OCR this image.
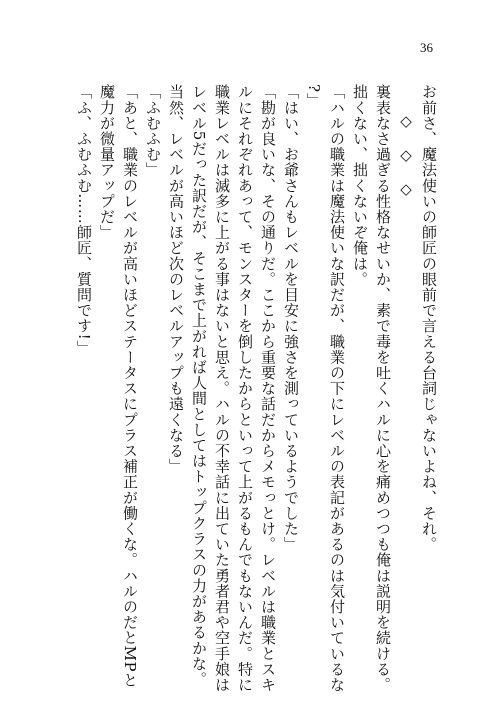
36
お前さ、魔法使いの師匠の眼前で言える台詞じゃないよね、それ。
◇◇◇
裏表なさ過ぎる性格なせいか、素で毒を吐くハルに心を痛めつつも俺は説明を続ける。
拙くない、拙くないぞ俺は。
「ハルの職業は魔法使いな訳だが、職業の下にレベルの表記があるのは気付いているな
?」
「はい、お爺さんもレベルを目安に強さを測っているようでした」
「勘が良いな、その通りだ。ここから重要な話だからメモっとけ。レベルは職業とスキ
ルにそれぞれあって、モンスターを倒したからといって上がるもんでもないんだ。特に
職業レベルは滅多に上がる事はないと思え。ハルの不幸話に出ていた勇者君や空手娘は
レベル5だった訳だが、そこまで上がれば人間としてはトップクラスの力があるかな。
当然、レベルが高いほど次のレベルアップも遠くなる」
「ふむふむ」
「あと、職業のレベルが高いほどステータスにプラス補正が働くな。ハルのだとMPと
魔力が微量アップだ」
「ふ、ふむふむ……師匠、質問です!」
